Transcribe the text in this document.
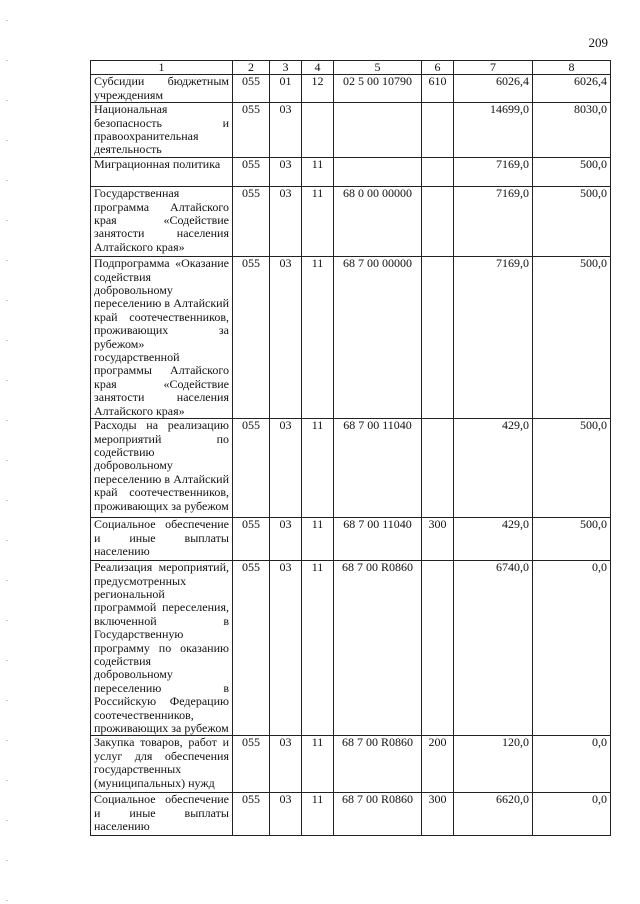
209
1	2	3	4	5	6	7	8
Субсидии бюджетным учреждениям	055	01	12	02 5 00 10790	610	6026,4	6026,4
Национальная безопасность и правоохранительная деятельность	055	03				14699,0	8030,0
Миграционная политика	055	03	11			7169,0	500,0
Государственная программа Алтайского края «Содействие занятости населения Алтайского края»	055	03	11	68 0 00 00000		7169,0	500,0
Подпрограмма «Оказание содействия добровольному переселению в Алтайский край соотечественников, проживающих за рубежом» государственной программы Алтайского края «Содействие занятости населения Алтайского края»	055	03	11	68 7 00 00000		7169,0	500,0
Расходы на реализацию мероприятий по содействию добровольному переселению в Алтайский край соотечественников, проживающих за рубежом	055	03	11	68 7 00 11040		429,0	500,0
Социальное обеспечение и иные выплаты населению	055	03	11	68 7 00 11040	300	429,0	500,0
Реализация мероприятий, предусмотренных региональной программой переселения, включенной в Государственную программу по оказанию содействия добровольному переселению в Российскую Федерацию соотечественников, проживающих за рубежом	055	03	11	68 7 00 R0860		6740,0	0,0
Закупка товаров, работ и услуг для обеспечения государственных (муниципальных) нужд	055	03	11	68 7 00 R0860	200	120,0	0,0
Социальное обеспечение и иные выплаты населению	055	03	11	68 7 00 R0860	300	6620,0	0,0
